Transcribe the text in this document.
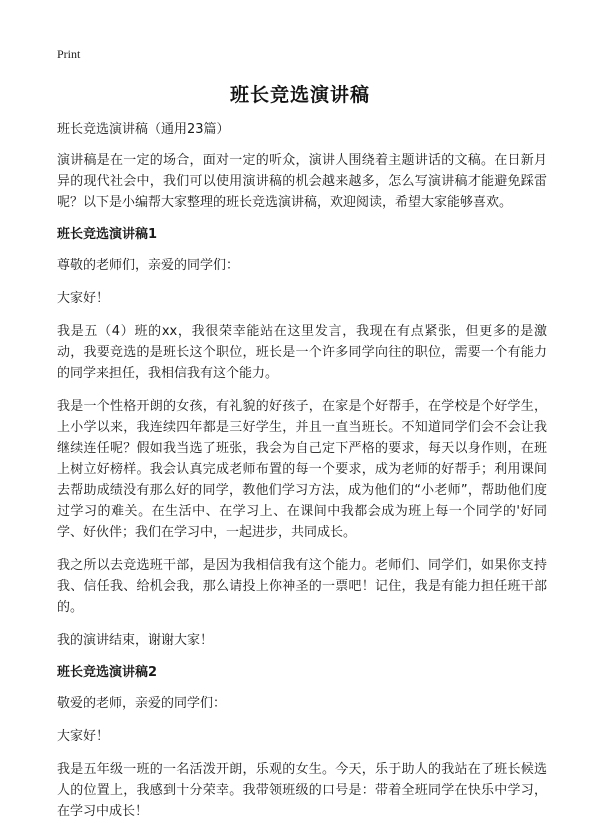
Print
班长竞选演讲稿

班长竞选演讲稿（通用23篇）

演讲稿是在一定的场合，面对一定的听众，演讲人围绕着主题讲话的文稿。在日新月异的现代社会中，我们可以使用演讲稿的机会越来越多，怎么写演讲稿才能避免踩雷呢？以下是小编帮大家整理的班长竞选演讲稿，欢迎阅读，希望大家能够喜欢。

班长竞选演讲稿1

尊敬的老师们，亲爱的同学们：

大家好！

我是五（4）班的xx，我很荣幸能站在这里发言，我现在有点紧张，但更多的是激动，我要竞选的是班长这个职位，班长是一个许多同学向往的职位，需要一个有能力的同学来担任，我相信我有这个能力。

我是一个性格开朗的女孩，有礼貌的好孩子，在家是个好帮手，在学校是个好学生，上小学以来，我连续四年都是三好学生，并且一直当班长。不知道同学们会不会让我继续连任呢？假如我当选了班张，我会为自己定下严格的要求，每天以身作则，在班上树立好榜样。我会认真完成老师布置的每一个要求，成为老师的好帮手；利用课间去帮助成绩没有那么好的同学，教他们学习方法，成为他们的“小老师”，帮助他们度过学习的难关。在生活中、在学习上、在课间中我都会成为班上每一个同学的'好同学、好伙伴；我们在学习中，一起进步，共同成长。

我之所以去竞选班干部，是因为我相信我有这个能力。老师们、同学们，如果你支持我、信任我、给机会我，那么请投上你神圣的一票吧！记住，我是有能力担任班干部的。

我的演讲结束，谢谢大家！

班长竞选演讲稿2

敬爱的老师，亲爱的同学们：

大家好！

我是五年级一班的一名活泼开朗，乐观的女生。今天，乐于助人的我站在了班长候选人的位置上，我感到十分荣幸。我带领班级的口号是：带着全班同学在快乐中学习，在学习中成长！
